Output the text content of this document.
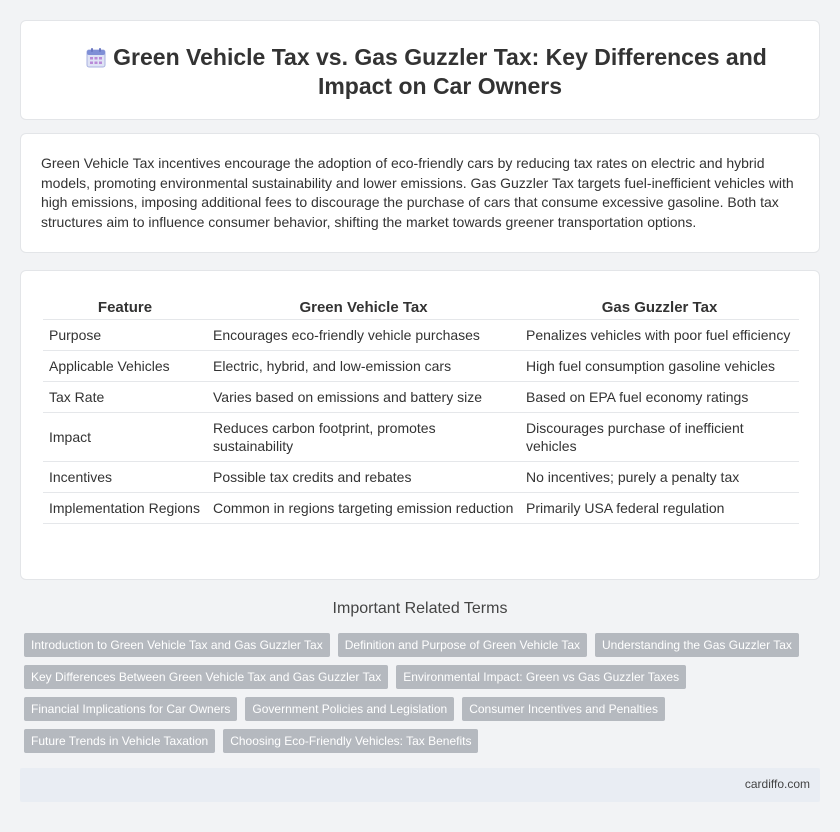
Green Vehicle Tax vs. Gas Guzzler Tax: Key Differences and Impact on Car Owners

Green Vehicle Tax incentives encourage the adoption of eco-friendly cars by reducing tax rates on electric and hybrid models, promoting environmental sustainability and lower emissions. Gas Guzzler Tax targets fuel-inefficient vehicles with high emissions, imposing additional fees to discourage the purchase of cars that consume excessive gasoline. Both tax structures aim to influence consumer behavior, shifting the market towards greener transportation options.

Feature	Green Vehicle Tax	Gas Guzzler Tax
Purpose	Encourages eco-friendly vehicle purchases	Penalizes vehicles with poor fuel efficiency
Applicable Vehicles	Electric, hybrid, and low-emission cars	High fuel consumption gasoline vehicles
Tax Rate	Varies based on emissions and battery size	Based on EPA fuel economy ratings
Impact	Reduces carbon footprint, promotes sustainability	Discourages purchase of inefficient vehicles
Incentives	Possible tax credits and rebates	No incentives; purely a penalty tax
Implementation Regions	Common in regions targeting emission reduction	Primarily USA federal regulation
Important Related Terms
Introduction to Green Vehicle Tax and Gas Guzzler Tax	Definition and Purpose of Green Vehicle Tax	Understanding the Gas Guzzler Tax
Key Differences Between Green Vehicle Tax and Gas Guzzler Tax	Environmental Impact: Green vs Gas Guzzler Taxes
Financial Implications for Car Owners	Government Policies and Legislation	Consumer Incentives and Penalties
Future Trends in Vehicle Taxation	Choosing Eco-Friendly Vehicles: Tax Benefits
cardiffo.com
